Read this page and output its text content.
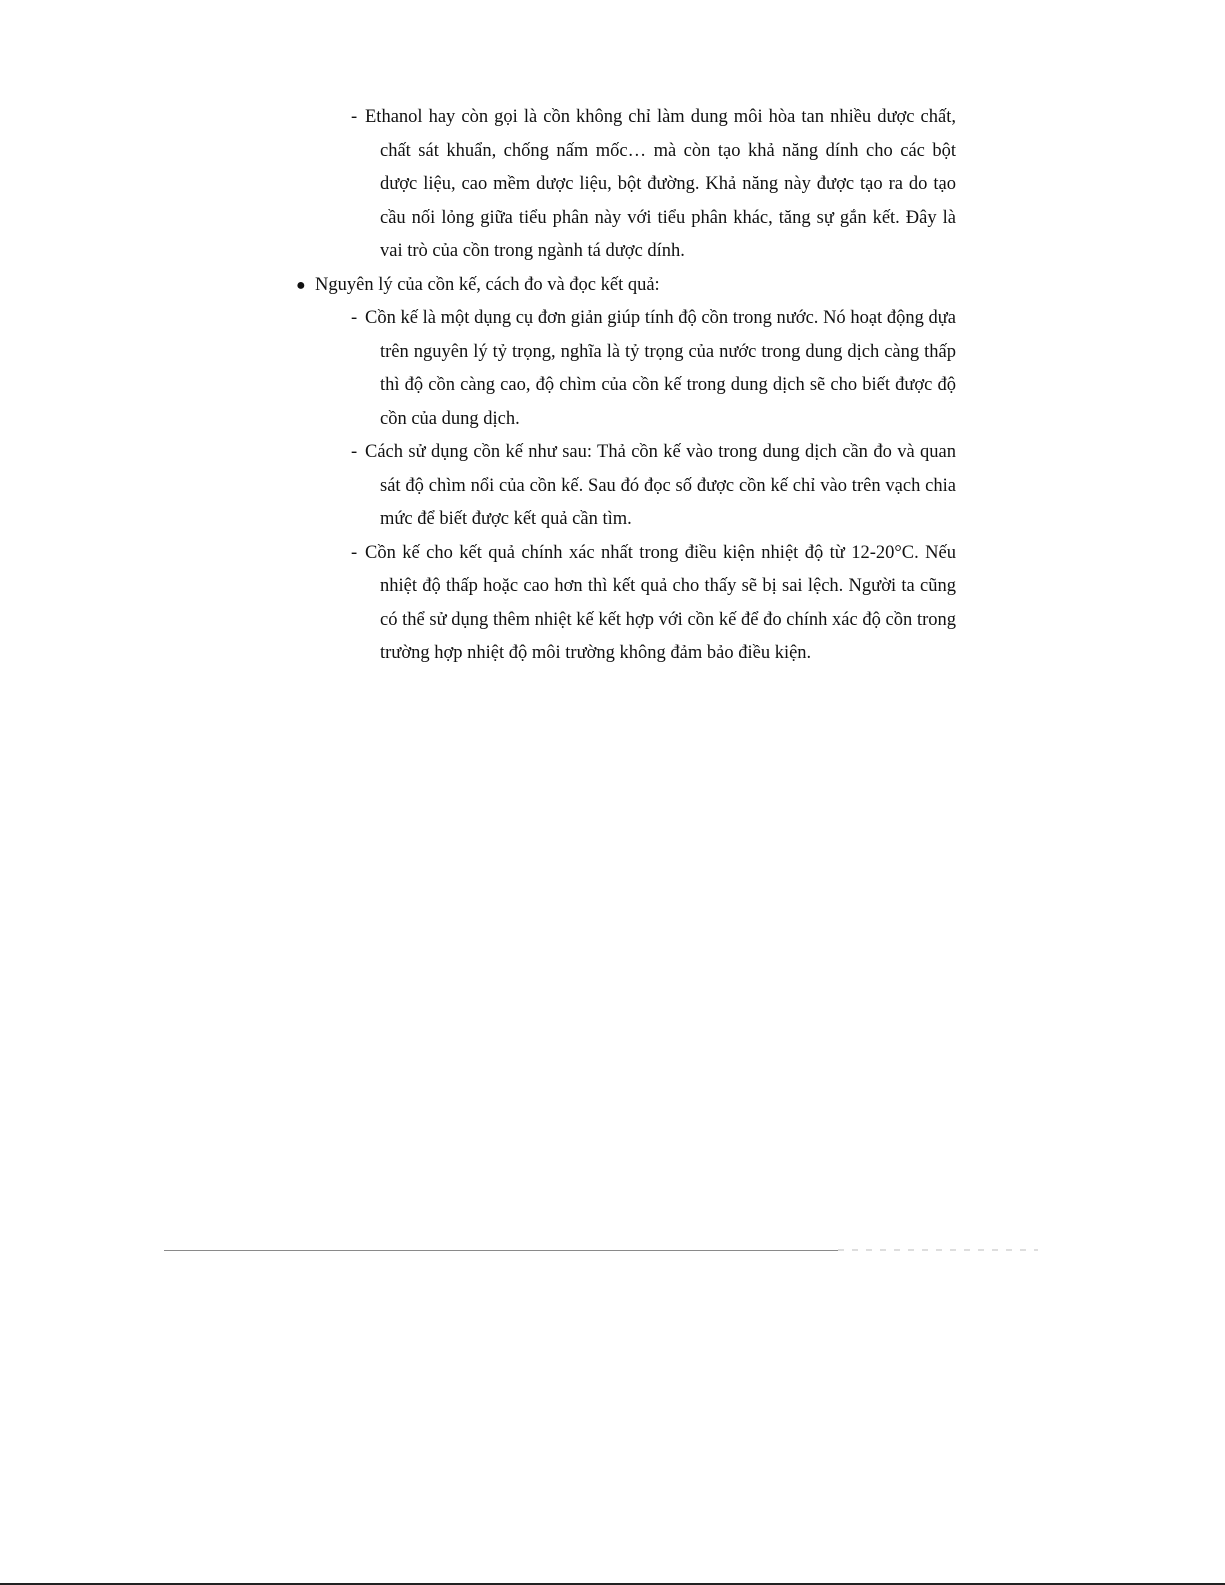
- Ethanol hay còn gọi là cồn không chỉ làm dung môi hòa tan nhiều dược chất, chất sát khuẩn, chống nấm mốc… mà còn tạo khả năng dính cho các bột dược liệu, cao mềm dược liệu, bột đường. Khả năng này được tạo ra do tạo cầu nối lỏng giữa tiểu phân này với tiểu phân khác, tăng sự gắn kết. Đây là vai trò của cồn trong ngành tá dược dính.
● Nguyên lý của cồn kế, cách đo và đọc kết quả:
- Cồn kế là một dụng cụ đơn giản giúp tính độ cồn trong nước. Nó hoạt động dựa trên nguyên lý tỷ trọng, nghĩa là tỷ trọng của nước trong dung dịch càng thấp thì độ cồn càng cao, độ chìm của cồn kế trong dung dịch sẽ cho biết được độ cồn của dung dịch.
- Cách sử dụng cồn kế như sau: Thả cồn kế vào trong dung dịch cần đo và quan sát độ chìm nổi của cồn kế. Sau đó đọc số được cồn kế chỉ vào trên vạch chia mức để biết được kết quả cần tìm.
- Cồn kế cho kết quả chính xác nhất trong điều kiện nhiệt độ từ 12-20°C. Nếu nhiệt độ thấp hoặc cao hơn thì kết quả cho thấy sẽ bị sai lệch. Người ta cũng có thể sử dụng thêm nhiệt kế kết hợp với cồn kế để đo chính xác độ cồn trong trường hợp nhiệt độ môi trường không đảm bảo điều kiện.
